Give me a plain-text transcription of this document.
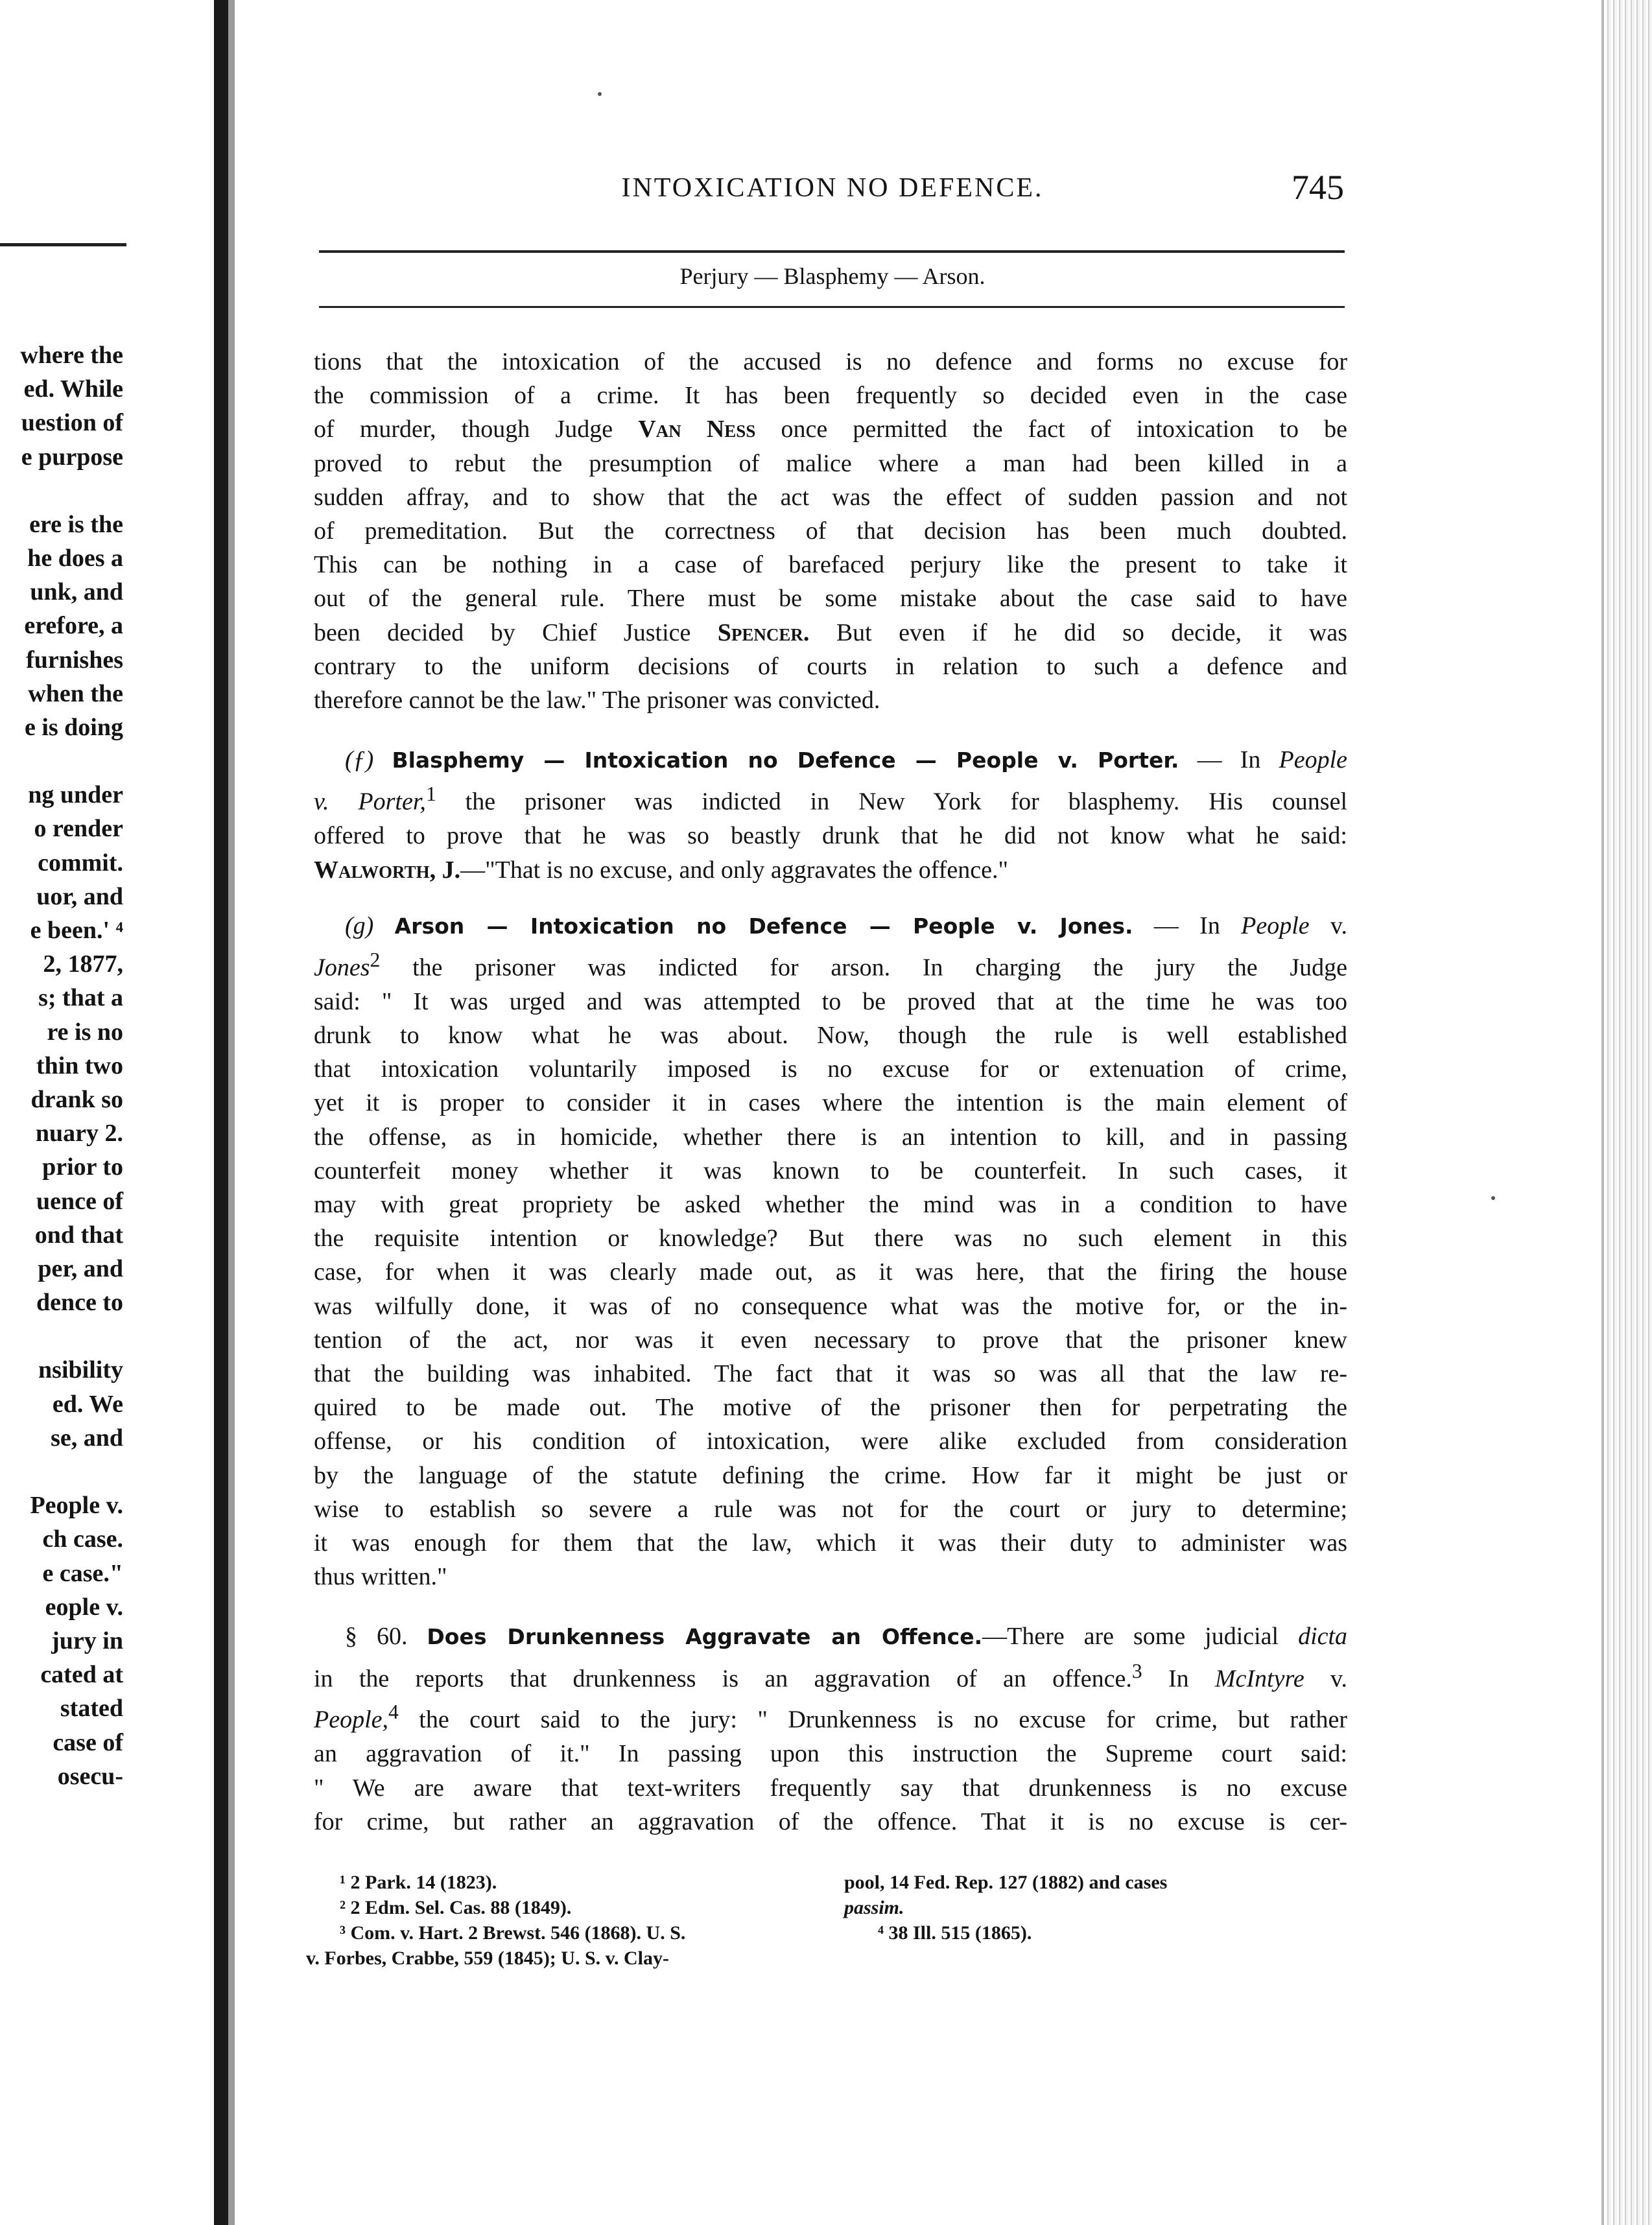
where the
ed. While
uestion of
e purpose
ere is the
he does a
unk, and
erefore, a
furnishes
when the
e is doing
ng under
o render
commit.
uor, and
e been.' ⁴
2, 1877,
s; that a
re is no
thin two
drank so
nuary 2.
prior to
uence of
ond that
per, and
dence to
nsibility
ed. We
se, and
People v.
ch case.
e case."
eople v.
jury in
cated at
stated
case of
osecu-
INTOXICATION NO DEFENCE.	745
Perjury — Blasphemy — Arson.
tions that the intoxication of the accused is no defence and forms no excuse for
the commission of a crime. It has been frequently so decided even in the case
of murder, though Judge Van Ness once permitted the fact of intoxication to be
proved to rebut the presumption of malice where a man had been killed in a
sudden affray, and to show that the act was the effect of sudden passion and not
of premeditation. But the correctness of that decision has been much doubted.
This can be nothing in a case of barefaced perjury like the present to take it
out of the general rule. There must be some mistake about the case said to have
been decided by Chief Justice Spencer. But even if he did so decide, it was
contrary to the uniform decisions of courts in relation to such a defence and
therefore cannot be the law." The prisoner was convicted.
(ƒ) Blasphemy — Intoxication no Defence — People v. Porter. — In People
v. Porter,$^1$ the prisoner was indicted in New York for blasphemy. His counsel
offered to prove that he was so beastly drunk that he did not know what he said:
Walworth, J.—"That is no excuse, and only aggravates the offence."
(g) Arson — Intoxication no Defence — People v. Jones. — In People v.
Jones$^2$ the prisoner was indicted for arson. In charging the jury the Judge
said: " It was urged and was attempted to be proved that at the time he was too
drunk to know what he was about. Now, though the rule is well established
that intoxication voluntarily imposed is no excuse for or extenuation of crime,
yet it is proper to consider it in cases where the intention is the main element of
the offense, as in homicide, whether there is an intention to kill, and in passing
counterfeit money whether it was known to be counterfeit. In such cases, it
may with great propriety be asked whether the mind was in a condition to have
the requisite intention or knowledge? But there was no such element in this
case, for when it was clearly made out, as it was here, that the firing the house
was wilfully done, it was of no consequence what was the motive for, or the in-
tention of the act, nor was it even necessary to prove that the prisoner knew
that the building was inhabited. The fact that it was so was all that the law re-
quired to be made out. The motive of the prisoner then for perpetrating the
offense, or his condition of intoxication, were alike excluded from consideration
by the language of the statute defining the crime. How far it might be just or
wise to establish so severe a rule was not for the court or jury to determine;
it was enough for them that the law, which it was their duty to administer was
thus written."
§ 60. Does Drunkenness Aggravate an Offence.—There are some judicial dicta
in the reports that drunkenness is an aggravation of an offence.$^3$ In McIntyre v.
People,$^4$ the court said to the jury: " Drunkenness is no excuse for crime, but rather
an aggravation of it." In passing upon this instruction the Supreme court said:
" We are aware that text-writers frequently say that drunkenness is no excuse
for crime, but rather an aggravation of the offence. That it is no excuse is cer-
¹ 2 Park. 14 (1823).
² 2 Edm. Sel. Cas. 88 (1849).
³ Com. v. Hart. 2 Brewst. 546 (1868). U. S.
v. Forbes, Crabbe, 559 (1845); U. S. v. Clay-
pool, 14 Fed. Rep. 127 (1882) and cases
passim.
⁴ 38 Ill. 515 (1865).
